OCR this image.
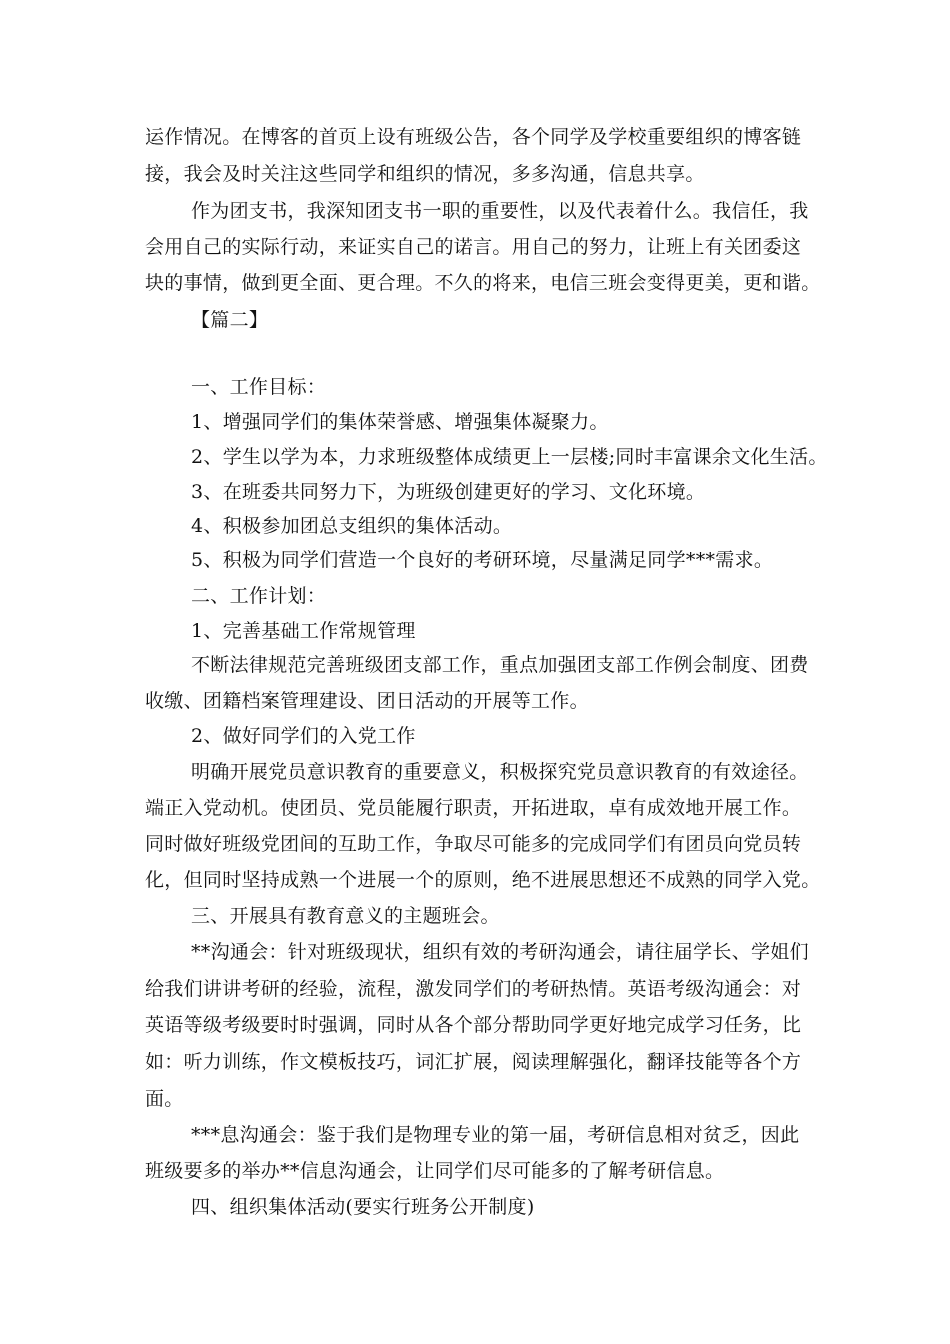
运作情况。在博客的首页上设有班级公告，各个同学及学校重要组织的博客链
接，我会及时关注这些同学和组织的情况，多多沟通，信息共享。
作为团支书，我深知团支书一职的重要性，以及代表着什么。我信任，我
会用自己的实际行动，来证实自己的诺言。用自己的努力，让班上有关团委这
块的事情，做到更全面、更合理。不久的将来，电信三班会变得更美，更和谐。
【篇二】
一、工作目标：
1、增强同学们的集体荣誉感、增强集体凝聚力。
2、学生以学为本，力求班级整体成绩更上一层楼;同时丰富课余文化生活。
3、在班委共同努力下，为班级创建更好的学习、文化环境。
4、积极参加团总支组织的集体活动。
5、积极为同学们营造一个良好的考研环境，尽量满足同学***需求。
二、工作计划：
1、完善基础工作常规管理
不断法律规范完善班级团支部工作，重点加强团支部工作例会制度、团费
收缴、团籍档案管理建设、团日活动的开展等工作。
2、做好同学们的入党工作
明确开展党员意识教育的重要意义，积极探究党员意识教育的有效途径。
端正入党动机。使团员、党员能履行职责，开拓进取，卓有成效地开展工作。
同时做好班级党团间的互助工作，争取尽可能多的完成同学们有团员向党员转
化，但同时坚持成熟一个进展一个的原则，绝不进展思想还不成熟的同学入党。
三、开展具有教育意义的主题班会。
**沟通会：针对班级现状，组织有效的考研沟通会，请往届学长、学姐们
给我们讲讲考研的经验，流程，激发同学们的考研热情。英语考级沟通会：对
英语等级考级要时时强调，同时从各个部分帮助同学更好地完成学习任务，比
如：听力训练，作文模板技巧，词汇扩展，阅读理解强化，翻译技能等各个方
面。
***息沟通会：鉴于我们是物理专业的第一届，考研信息相对贫乏，因此
班级要多的举办**信息沟通会，让同学们尽可能多的了解考研信息。
四、组织集体活动(要实行班务公开制度)
